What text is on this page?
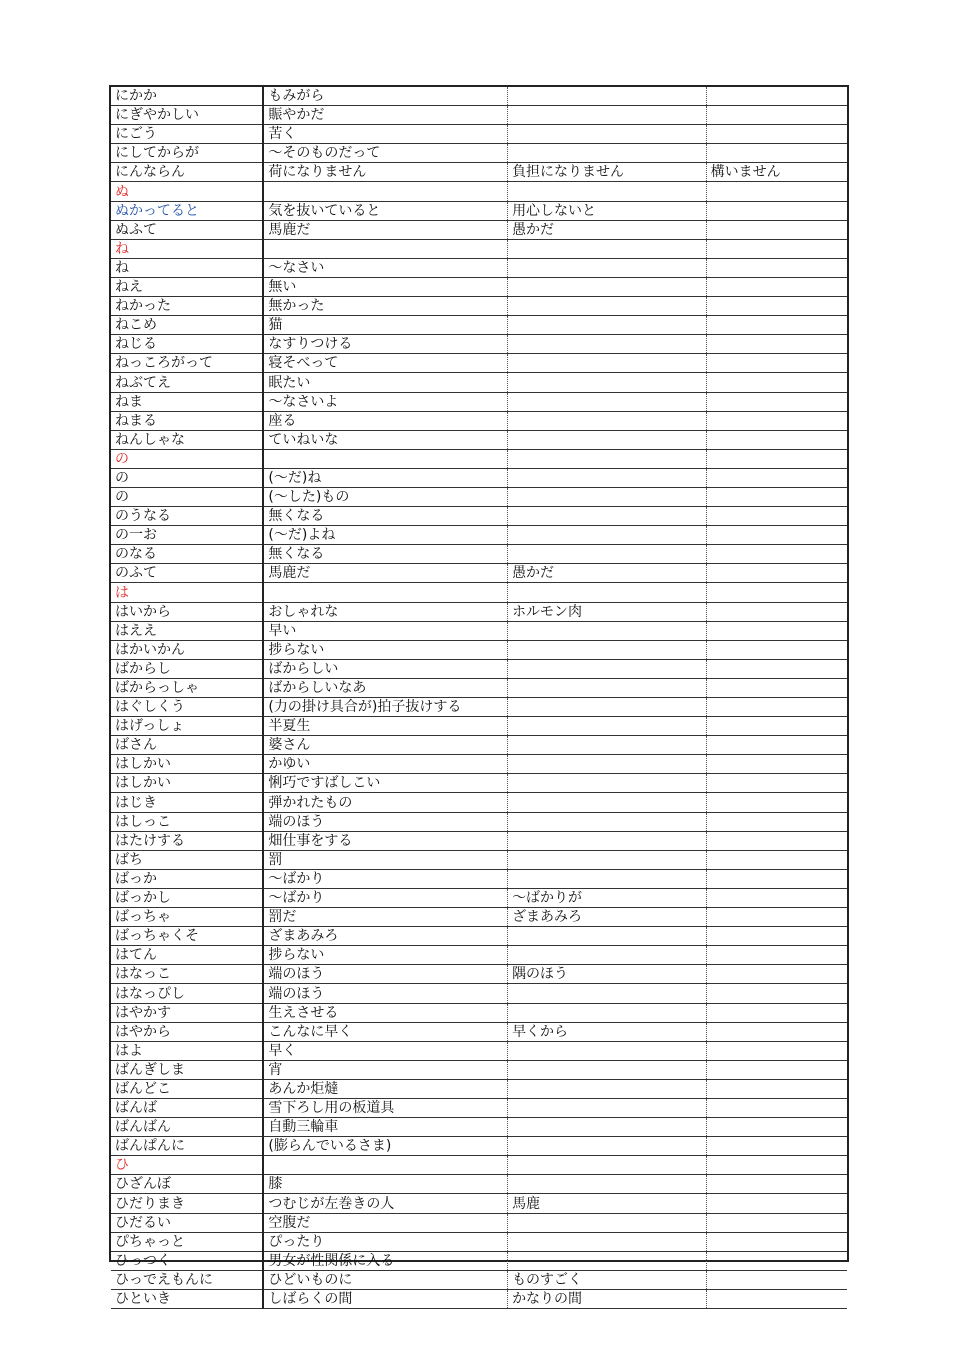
にかか	もみがら		
にぎやかしい	賑やかだ		
にごう	苦く		
にしてからが	～そのものだって		
にんならん	荷になりません	負担になりません	構いません
ぬ			
ぬかってると	気を抜いていると	用心しないと	
ぬふて	馬鹿だ	愚かだ	
ね			
ね	～なさい		
ねえ	無い		
ねかった	無かった		
ねこめ	猫		
ねじる	なすりつける		
ねっころがって	寝そべって		
ねぶてえ	眠たい		
ねま	～なさいよ		
ねまる	座る		
ねんしゃな	ていねいな		
の			
の	(～だ)ね		
の	(～した)もの		
のうなる	無くなる		
の一お	(～だ)よね		
のなる	無くなる		
のふて	馬鹿だ	愚かだ	
は			
はいから	おしゃれな	ホルモン肉	
はええ	早い		
はかいかん	捗らない		
ばからし	ばからしい		
ばからっしゃ	ばからしいなあ		
はぐしくう	(力の掛け具合が)拍子抜けする		
はげっしょ	半夏生		
ばさん	婆さん		
はしかい	かゆい		
はしかい	悧巧ですばしこい		
はじき	弾かれたもの		
はしっこ	端のほう		
はたけする	畑仕事をする		
ばち	罰		
ばっか	～ばかり		
ばっかし	～ばかり	～ばかりが	
ばっちゃ	罰だ	ざまあみろ	
ばっちゃくそ	ざまあみろ		
はてん	捗らない		
はなっこ	端のほう	隅のほう	
はなっぴし	端のほう		
はやかす	生えさせる		
はやから	こんなに早く	早くから	
はよ	早く		
ばんぎしま	宵		
ばんどこ	あんか炬燵		
ばんば	雪下ろし用の板道具		
ばんばん	自動三輪車		
ばんぱんに	(膨らんでいるさま)		
ひ			
ひざんぼ	膝		
ひだりまき	つむじが左巻きの人	馬鹿	
ひだるい	空腹だ		
ぴちゃっと	ぴったり		
ひっつく	男女が性関係に入る		
ひっでえもんに	ひどいものに	ものすごく	
ひといき	しばらくの間	かなりの間	
